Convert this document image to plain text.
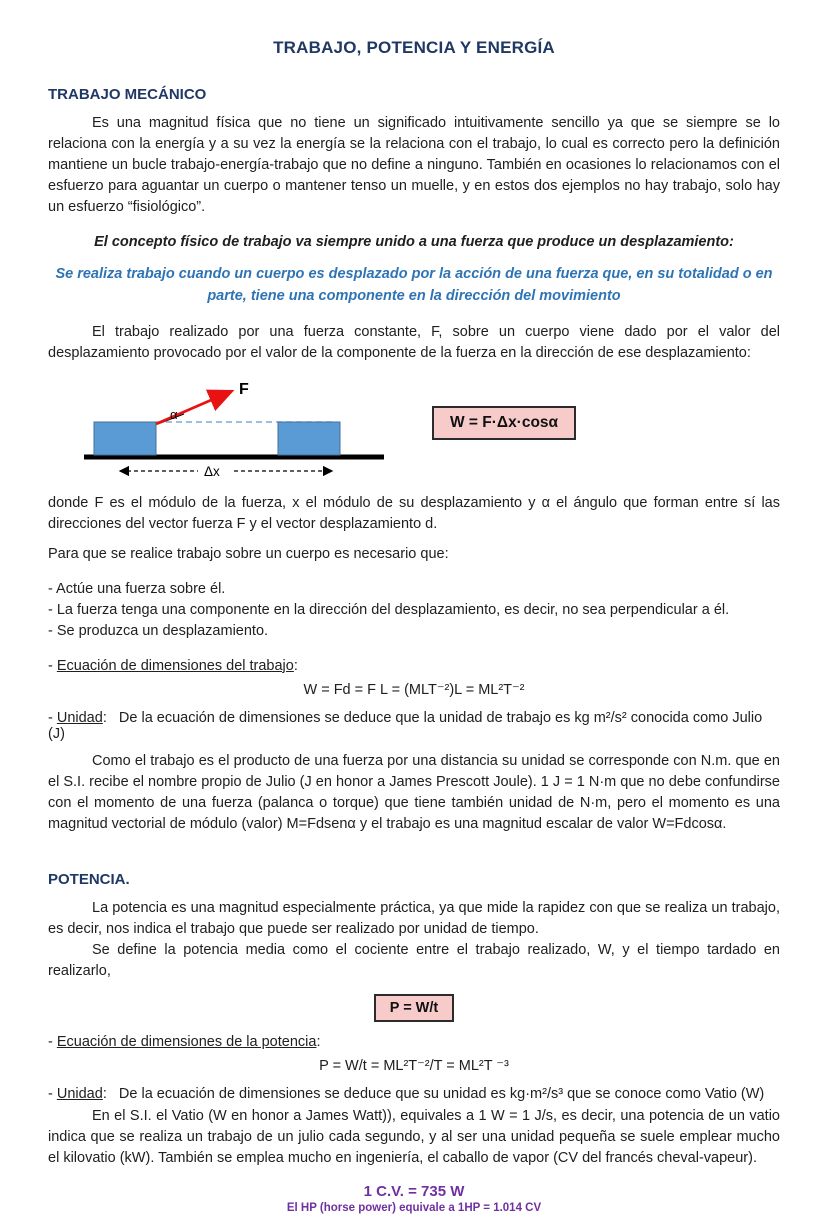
TRABAJO, POTENCIA Y ENERGÍA
TRABAJO MECÁNICO

Es una magnitud física que no tiene un significado intuitivamente sencillo ya que se siempre se lo relaciona con la energía y a su vez la energía se la relaciona con el trabajo, lo cual es correcto pero la definición mantiene un bucle trabajo-energía-trabajo que no define a ninguno. También en ocasiones lo relacionamos con el esfuerzo para aguantar un cuerpo o mantener tenso un muelle, y en estos dos ejemplos no hay trabajo, solo hay un esfuerzo “fisiológico”.

El concepto físico de trabajo va siempre unido a una fuerza que produce un desplazamiento:

Se realiza trabajo cuando un cuerpo es desplazado por la acción de una fuerza que, en su totalidad o en parte, tiene una componente en la dirección del movimiento

El trabajo realizado por una fuerza constante, F, sobre un cuerpo viene dado por el valor del desplazamiento provocado por el valor de la componente de la fuerza en la dirección de ese desplazamiento:

F
α
Δx
W = F·Δx·cosα

donde F es el módulo de la fuerza, x el módulo de su desplazamiento y α el ángulo que forman entre sí las direcciones del vector fuerza F y el vector desplazamiento d.

Para que se realice trabajo sobre un cuerpo es necesario que:

- Actúe una fuerza sobre él.
- La fuerza tenga una componente en la dirección del desplazamiento, es decir, no sea perpendicular a él.
- Se produzca un desplazamiento.

- Ecuación de dimensiones del trabajo:

W = Fd = F L = (MLT⁻²)L = ML²T⁻²

- Unidad:   De la ecuación de dimensiones se deduce que la unidad de trabajo es kg m²/s² conocida como Julio (J)

Como el trabajo es el producto de una fuerza por una distancia su unidad se corresponde con N.m. que en el S.I. recibe el nombre propio de Julio (J en honor a James Prescott Joule). 1 J = 1 N·m que no debe confundirse con el momento de una fuerza (palanca o torque) que tiene también unidad de N·m, pero el momento es una magnitud vectorial de módulo (valor) M=Fdsenα y el trabajo es una magnitud escalar de valor W=Fdcosα.

POTENCIA.

La potencia es una magnitud especialmente práctica, ya que mide la rapidez con que se realiza un trabajo, es decir, nos indica el trabajo que puede ser realizado por unidad de tiempo.

Se define la potencia media como el cociente entre el trabajo realizado, W, y el tiempo tardado en realizarlo,

P = W/t

- Ecuación de dimensiones de la potencia:

P = W/t = ML²T⁻²/T = ML²T ⁻³

- Unidad:   De la ecuación de dimensiones se deduce que su unidad es kg·m²/s³ que se conoce como Vatio (W)

En el S.I. el Vatio (W en honor a James Watt)), equivales a 1 W = 1 J/s, es decir, una potencia de un vatio indica que se realiza un trabajo de un julio cada segundo, y al ser una unidad pequeña se suele emplear mucho el kilovatio (kW). También se emplea mucho en ingeniería, el caballo de vapor (CV del francés cheval-vapeur).

1 C.V. = 735 W
El HP (horse power) equivale a 1HP = 1.014 CV
